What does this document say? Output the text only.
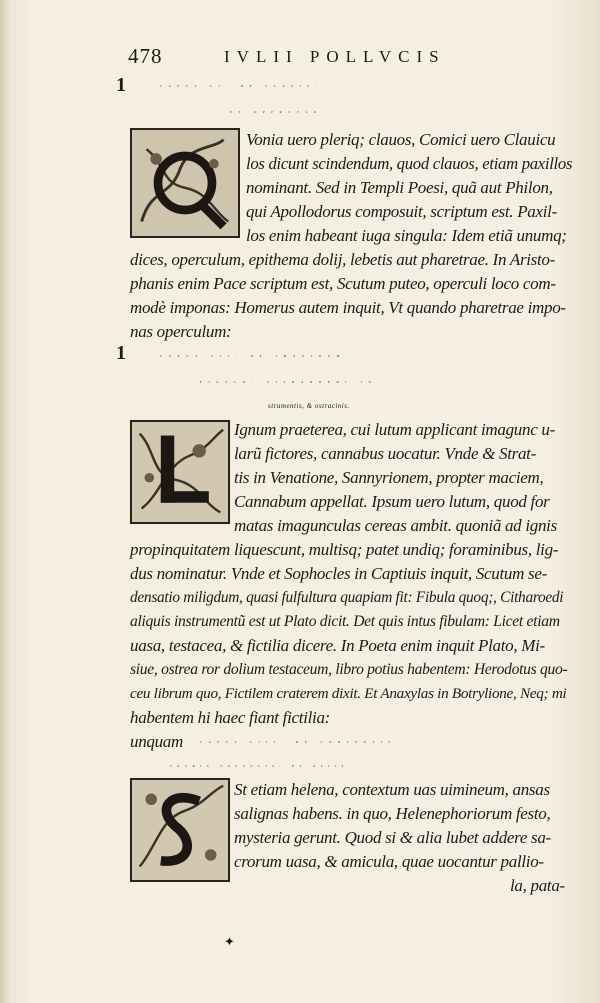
478	IVLII POLLVCIS
1	CAPVT LI, DE CLAVIS,
ET OPERCVLO.
Vonia uero pleriq; clauos, Comici uero Clauicu
los dicunt scindendum, quod clauos, etiam paxillos
nominant. Sed in Templi Poesi, quã aut Philon,
qui Apollodorus composuit, scriptum est. Paxil-
los enim habeant iuga singula: Idem etiã unumq;
dices, operculum, epithema dolij, lebetis aut pharetrae. In Aristo-
phanis enim Pace scriptum est, Scutum puteo, operculi loco com-
modè imponas: Homerus autem inquit, Vt quando pharetrae impo-
nas operculum:
1	CAPVT LII, DE IMAGINVM
FIGVLO, CITHAROEDI IN-
strumentis, & ostracinis.
Ignum praeterea, cui lutum applicant imagunc u-
larũ fictores, cannabus uocatur. Vnde & Strat-
tis in Venatione, Sannyrionem, propter maciem,
Cannabum appellat. Ipsum uero lutum, quod for
matas imagunculas cereas ambit. quoniã ad ignis
propinquitatem liquescunt, multisq; patet undiq; foraminibus, lig-
dus nominatur. Vnde et Sophocles in Captiuis inquit, Scutum se-
densatio miligdum, quasi fulfultura quapiam fit: Fibula quoq;, Citharoedi
aliquis instrumentũ est ut Plato dicit. Det quis intus fibulam: Licet etiam
uasa, testacea, & fictilia dicere. In Poeta enim inquit Plato, Mi-
siue, ostrea ror dolium testaceum, libro potius habentem: Herodotus quo-
ceu librum quo, Fictilem craterem dixit. Et Anaxylas in Botrylione, Neq; mi
habentem hi haec fiant fictilia:
unquam	CAPVT LIII, DE CONTEXTIS
SACRIS VASCVLIS, ET ALIIS.
St etiam helena, contextum uas uimineum, ansas
salignas habens. in quo, Helenephoriorum festo,
mysteria gerunt. Quod si & alia lubet addere sa-
crorum uasa, & amicula, quae uocantur pallio-
la, pata-
✦
